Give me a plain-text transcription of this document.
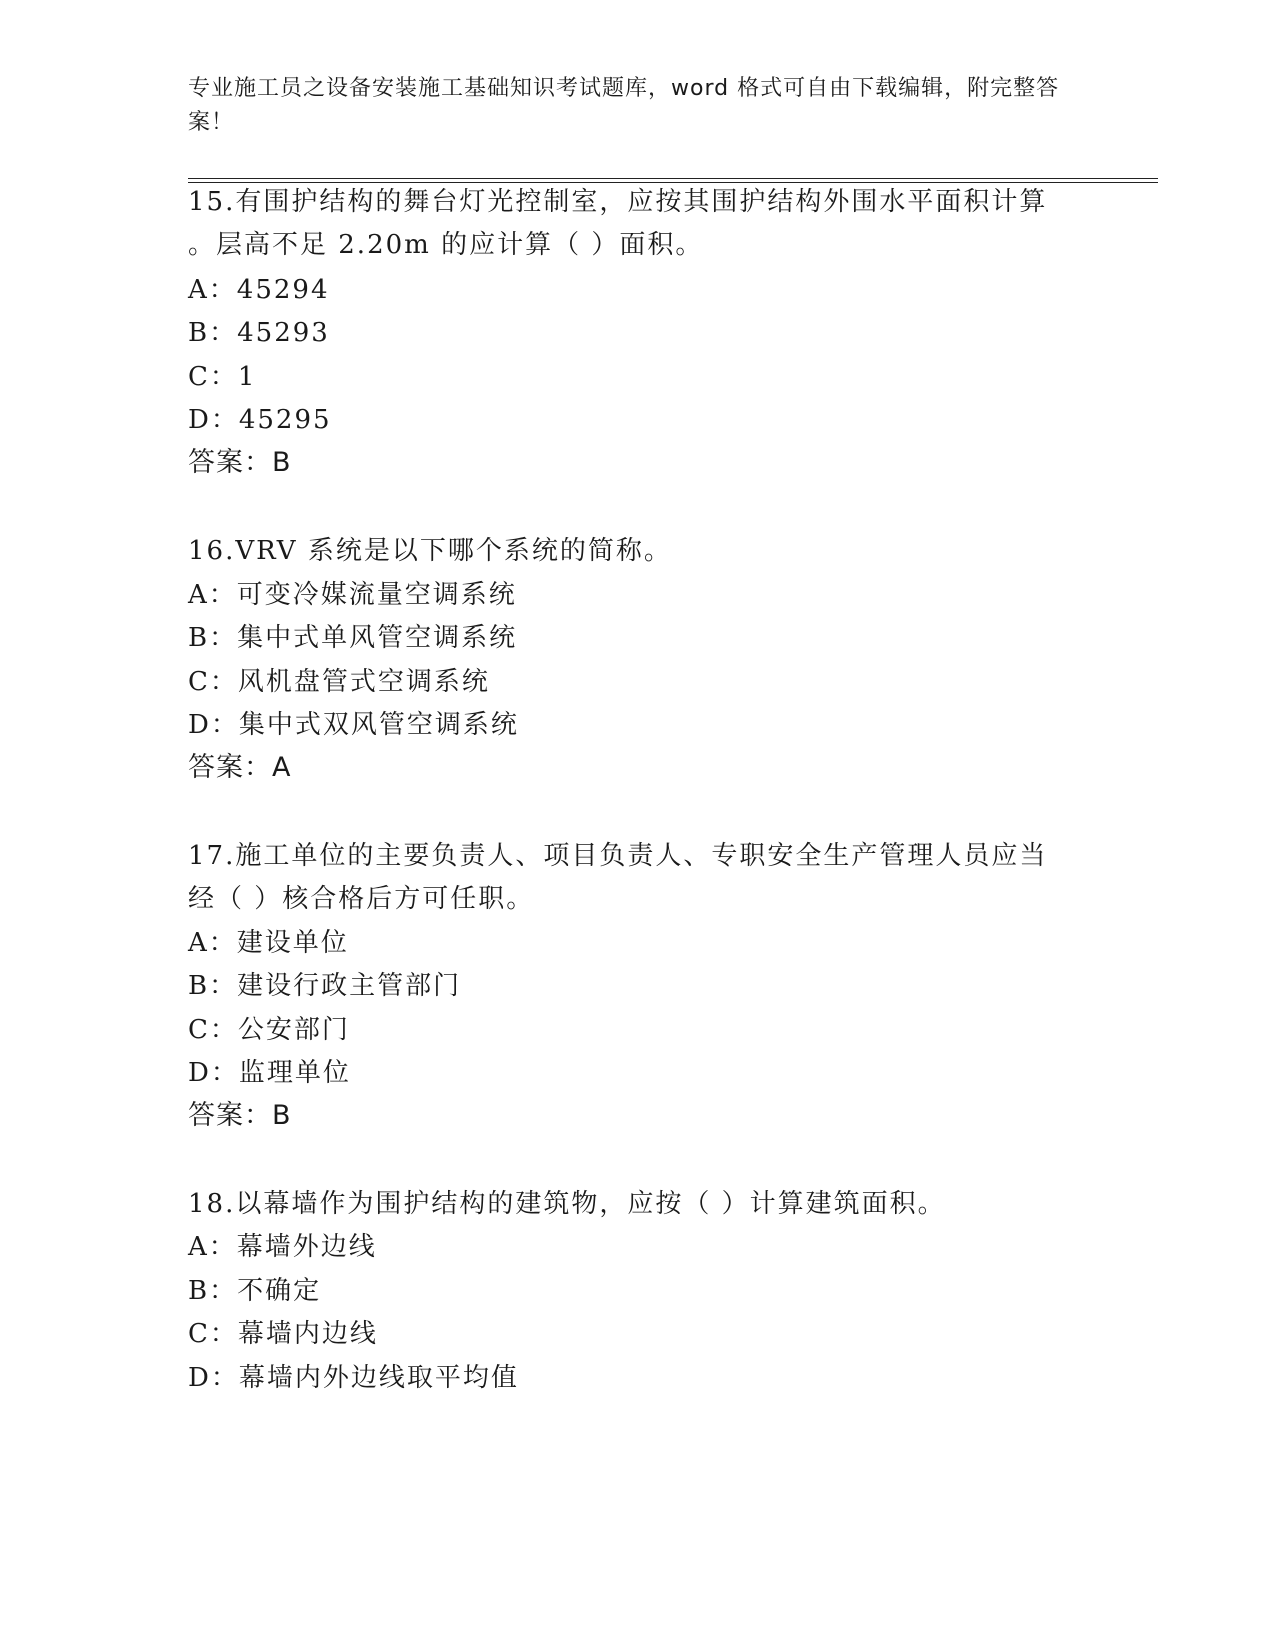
专业施工员之设备安装施工基础知识考试题库，word 格式可自由下载编辑，附完整答案！
15.有围护结构的舞台灯光控制室，应按其围护结构外围水平面积计算
。层高不足 2.20m 的应计算（ ）面积。
A：45294
B：45293
C：1
D：45295
答案：B
16.VRV 系统是以下哪个系统的简称。
A：可变冷媒流量空调系统
B：集中式单风管空调系统
C：风机盘管式空调系统
D：集中式双风管空调系统
答案：A
17.施工单位的主要负责人、项目负责人、专职安全生产管理人员应当
经（ ）核合格后方可任职。
A：建设单位
B：建设行政主管部门
C：公安部门
D：监理单位
答案：B
18.以幕墙作为围护结构的建筑物，应按（ ）计算建筑面积。
A：幕墙外边线
B：不确定
C：幕墙内边线
D：幕墙内外边线取平均值
